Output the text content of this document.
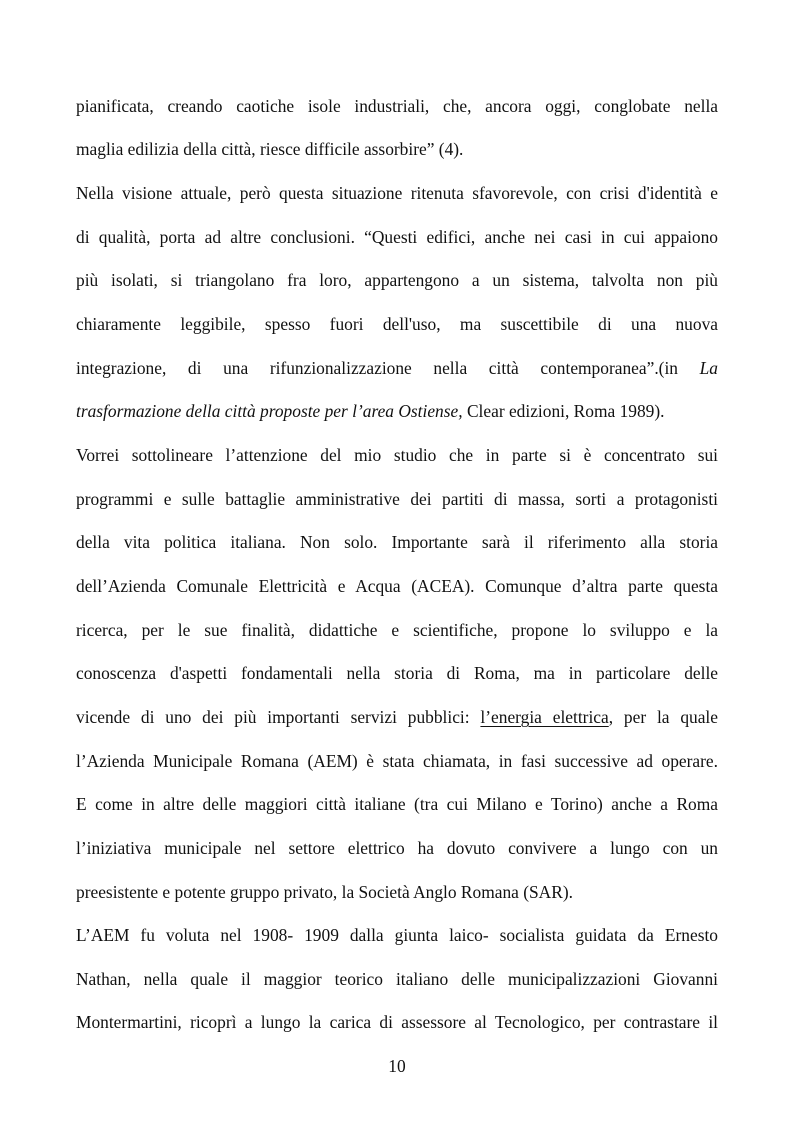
pianificata, creando caotiche isole industriali, che, ancora oggi, conglobate nella
maglia edilizia della città, riesce difficile assorbire” (4).
Nella visione attuale, però questa situazione ritenuta sfavorevole, con crisi d'identità e
di qualità, porta ad altre conclusioni. “Questi edifici, anche nei casi in cui appaiono
più isolati, si triangolano fra loro, appartengono a un sistema, talvolta non più
chiaramente leggibile, spesso fuori dell'uso, ma suscettibile di una nuova
integrazione, di una rifunzionalizzazione nella città contemporanea”.(in La
trasformazione della città proposte per l’area Ostiense, Clear edizioni, Roma 1989).
Vorrei sottolineare l’attenzione del mio studio che in parte si è concentrato sui
programmi e sulle battaglie amministrative dei partiti di massa, sorti a protagonisti
della vita politica italiana. Non solo. Importante sarà il riferimento alla storia
dell’Azienda Comunale Elettricità e Acqua (ACEA). Comunque d’altra parte questa
ricerca, per le sue finalità, didattiche e scientifiche, propone lo sviluppo e la
conoscenza d'aspetti fondamentali nella storia di Roma, ma in particolare delle
vicende di uno dei più importanti servizi pubblici: l’energia elettrica, per la quale
l’Azienda Municipale Romana (AEM) è stata chiamata, in fasi successive ad operare.
E come in altre delle maggiori città italiane (tra cui Milano e Torino) anche a Roma
l’iniziativa municipale nel settore elettrico ha dovuto convivere a lungo con un
preesistente e potente gruppo privato, la Società Anglo Romana (SAR).
L’AEM fu voluta nel 1908- 1909 dalla giunta laico- socialista guidata da Ernesto
Nathan, nella quale il maggior teorico italiano delle municipalizzazioni Giovanni
Montermartini, ricoprì a lungo la carica di assessore al Tecnologico, per contrastare il
10
